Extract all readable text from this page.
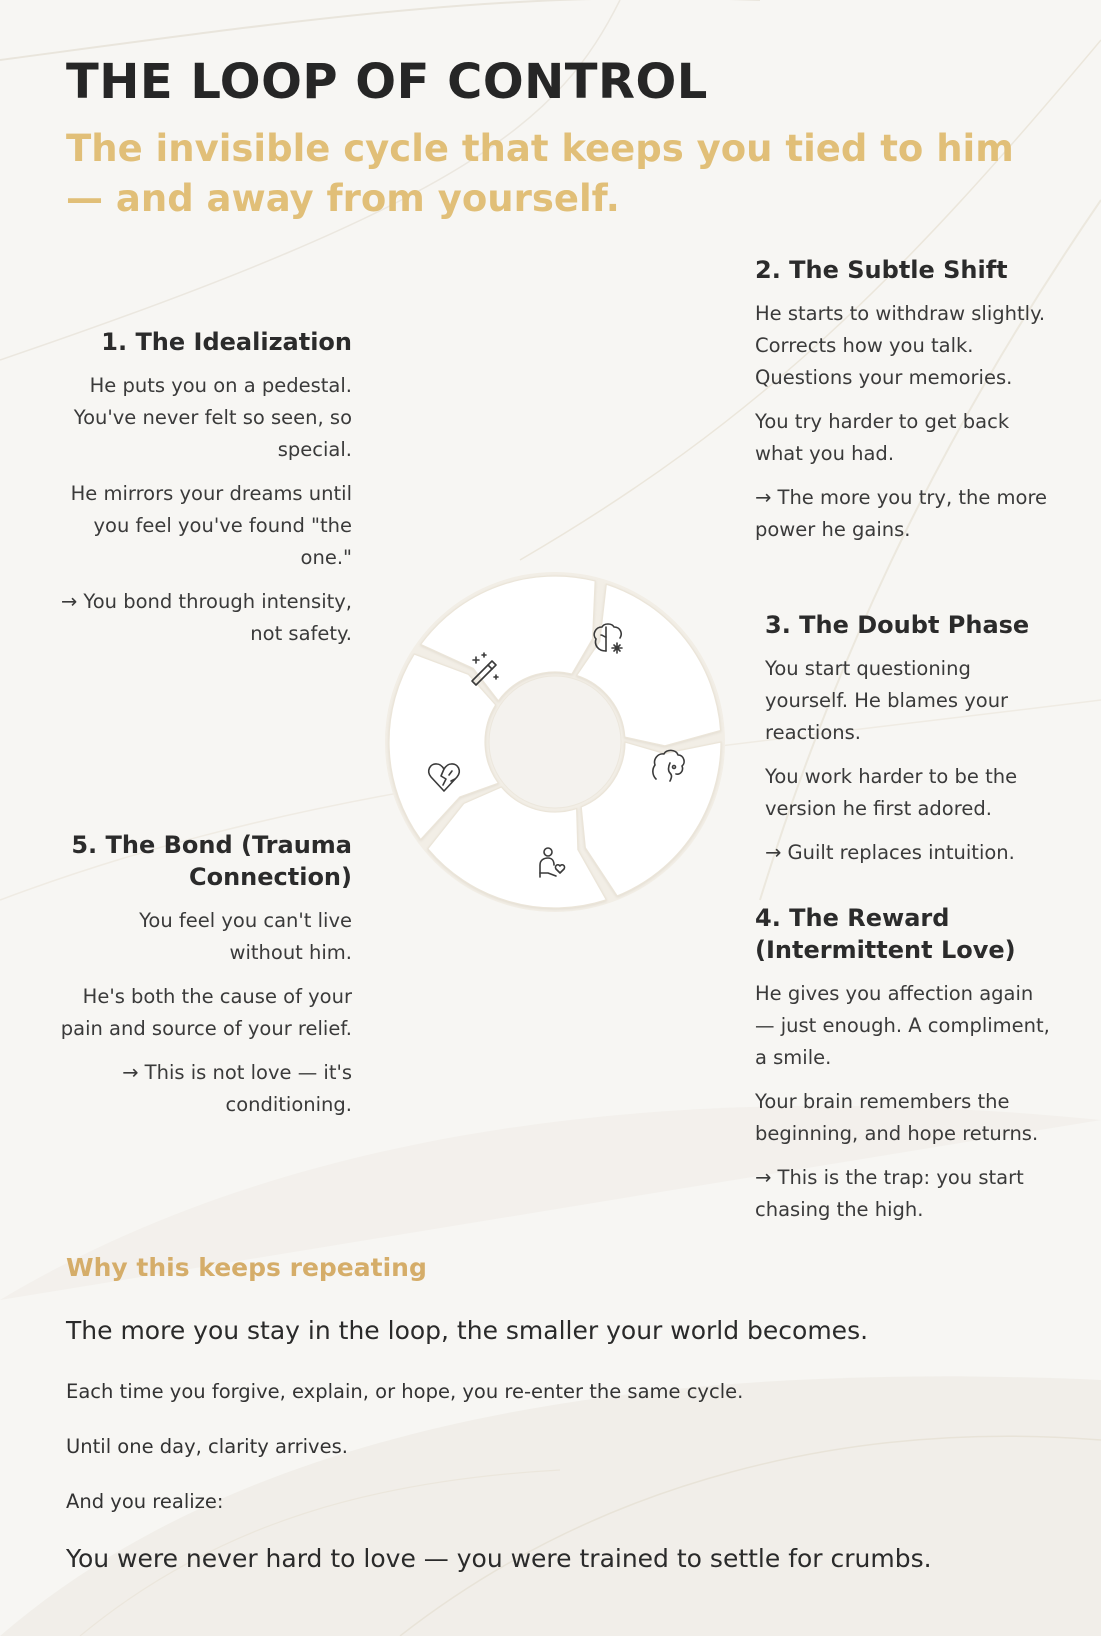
THE LOOP OF CONTROL
The invisible cycle that keeps you tied to him — and away from yourself.
1. The Idealization

He puts you on a pedestal. You've never felt so seen, so special.

He mirrors your dreams until you feel you've found "the one."

→ You bond through intensity, not safety.

2. The Subtle Shift

He starts to withdraw slightly. Corrects how you talk. Questions your memories.

You try harder to get back what you had.

→ The more you try, the more power he gains.

3. The Doubt Phase

You start questioning yourself. He blames your reactions.

You work harder to be the version he first adored.

→ Guilt replaces intuition.

4. The Reward (Intermittent Love)

He gives you affection again — just enough. A compliment, a smile.

Your brain remembers the beginning, and hope returns.

→ This is the trap: you start chasing the high.

5. The Bond (Trauma Connection)

You feel you can't live without him.

He's both the cause of your pain and source of your relief.

→ This is not love — it's conditioning.

Why this keeps repeating

The more you stay in the loop, the smaller your world becomes.

Each time you forgive, explain, or hope, you re-enter the same cycle.

Until one day, clarity arrives.

And you realize:

You were never hard to love — you were trained to settle for crumbs.
